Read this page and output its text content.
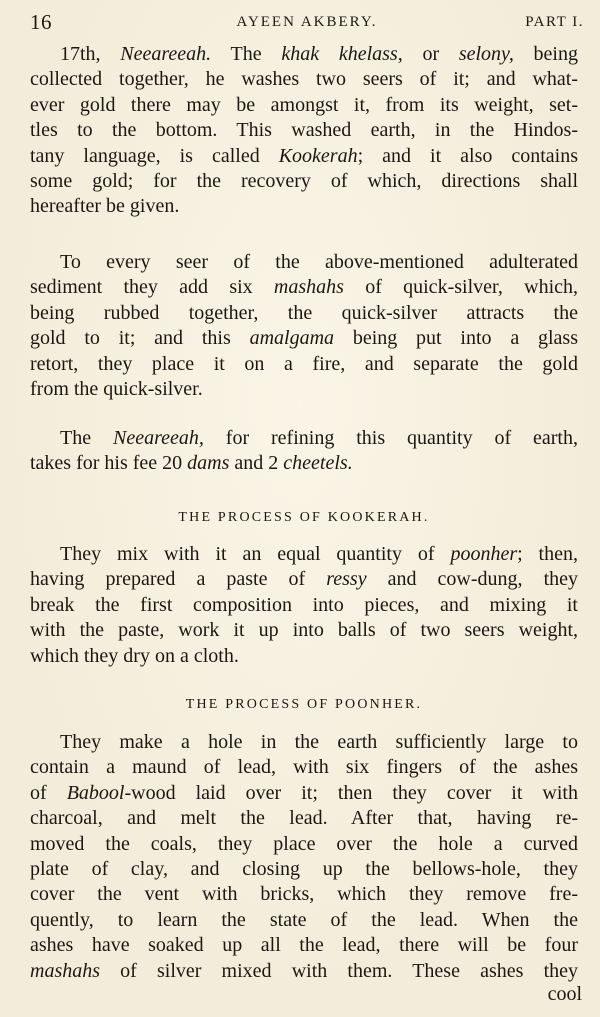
16	AYEEN AKBERY.	PART I.
17th, Neeareeah. The khak khelass, or selony, being
collected together, he washes two seers of it; and what-
ever gold there may be amongst it, from its weight, set-
tles to the bottom. This washed earth, in the Hindos-
tany language, is called Kookerah; and it also contains
some gold; for the recovery of which, directions shall
hereafter be given.
To every seer of the above-mentioned adulterated
sediment they add six mashahs of quick-silver, which,
being rubbed together, the quick-silver attracts the
gold to it; and this amalgama being put into a glass
retort, they place it on a fire, and separate the gold
from the quick-silver.
The Neeareeah, for refining this quantity of earth,
takes for his fee 20 dams and 2 cheetels.
THE PROCESS OF KOOKERAH.
They mix with it an equal quantity of poonher; then,
having prepared a paste of ressy and cow-dung, they
break the first composition into pieces, and mixing it
with the paste, work it up into balls of two seers weight,
which they dry on a cloth.
THE PROCESS OF POONHER.
They make a hole in the earth sufficiently large to
contain a maund of lead, with six fingers of the ashes
of Babool-wood laid over it; then they cover it with
charcoal, and melt the lead. After that, having re-
moved the coals, they place over the hole a curved
plate of clay, and closing up the bellows-hole, they
cover the vent with bricks, which they remove fre-
quently, to learn the state of the lead. When the
ashes have soaked up all the lead, there will be four
mashahs of silver mixed with them. These ashes they
cool
